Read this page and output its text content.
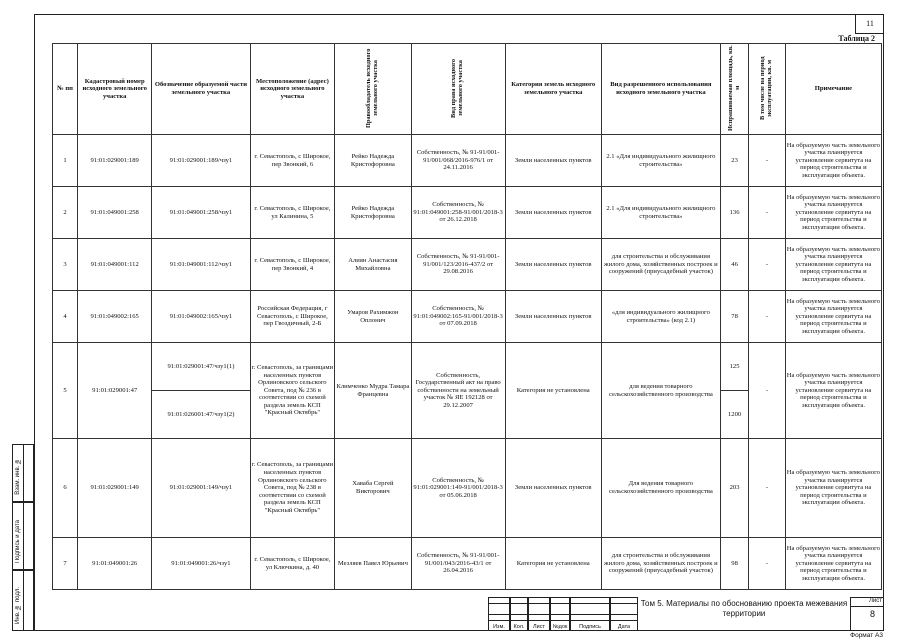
11
Таблица 2
№ пп	Кадастровый номер исходного земельного участка	Обозначение образуемой части земельного участка	Местоположение (адрес) исходного земельного участка	Правообладатель исходного земельного участка	Вид права исходного земельного участка	Категория земель исходного земельного участка	Вид разрешенного использования исходного земельного участка	Испрашиваемая площадь, кв. м	В том числе на период эксплуатации, кв. м	Примечание
1	91:01:029001:189	91:01:029001:189/чзу1	г. Севастополь, с Широкое, пер Звонкий, 6	Рейко Надежда Кристофоровна	Собственность, № 91-91/001-91/001/068/2016-976/1 от 24.11.2016	Земли населенных пунктов	2.1 «Для индивидуального жилищного строительства»	23	-	На образуемую часть земельного участка планируется установление сервитута на период строительства и эксплуатации объекта.
2	91:01:049001:258	91:01:049001:258/чзу1	г. Севастополь, с Широкое, ул Калинина, 5	Рейко Надежда Кристофоровна	Собственность, № 91:01:049001:258-91/001/2018-3 от 26.12.2018	Земли населенных пунктов	2.1 «Для индивидуального жилищного строительства»	136	-	На образуемую часть земельного участка планируется установление сервитута на период строительства и эксплуатации объекта.
3	91:01:049001:112	91:01:049001:112/чзу1	г. Севастополь, с Широкое, пер Звонкий, 4	Алиян Анастасия Михайловна	Собственность, № 91-91/001-91/001/123/2016-437/2 от 29.08.2016	Земли населенных пунктов	для строительства и обслуживания жилого дома, хозяйственных построек и сооружений (приусадебный участок)	46	-	На образуемую часть земельного участка планируется установление сервитута на период строительства и эксплуатации объекта.
4	91:01:049002:165	91:01:049002:165/чзу1	Российская Федерация, г Севастополь, с Широкое, пер Гвоздичный, 2-Б	Умаров Рахимжон Оплонич	Собственность, № 91:01:049002:165-91/001/2018-3 от 07.09.2018	Земли населенных пунктов	«для индивидуального жилищного строительства» (код 2.1)	78	-	На образуемую часть земельного участка планируется установление сервитута на период строительства и эксплуатации объекта.
5	91:01:029001:47	91:01:029001:47/чзу1(1)	г. Севастополь, за границами населенных пунктов Орлиновского сельского Совета, под № 236 в соответствии со схемой раздела земель КСП "Красный Октябрь"	Климченко Мудра Тамара Францевна	Собственность, Государственный акт на право собственности на земельный участок № ЯЕ 192128 от 29.12.2007	Категория не установлена	для ведения товарного сельскохозяйственного производства	125	-	На образуемую часть земельного участка планируется установление сервитута на период строительства и эксплуатации объекта.
		91:01:026001:47/чзу1(2)						1200		
6	91:01:029001:149	91:01:029001:149/чзу1	г. Севастополь, за границами населенных пунктов Орлиновского сельского Совета, под № 238 в соответствии со схемой раздела земель КСП "Красный Октябрь"	Хаваба Сергей Викторович	Собственность, № 91:01:029001:149-91/001/2018-3 от 05.06.2018	Земли населенных пунктов	Для ведения товарного сельскохозяйственного производства	203	-	На образуемую часть земельного участка планируется установление сервитута на период строительства и эксплуатации объекта.
7	91:01:049001:26	91:01:049001:26/чзу1	г. Севастополь, с Широкое, ул Ключкина, д. 40	Мезляев Павел Юрьевич	Собственность, № 91-91/001-91/001/043/2016-43/1 от 26.04.2016	Категория не установлена	для строительства и обслуживания жилого дома, хозяйственных построек и сооружений (приусадебный участок)	98	-	На образуемую часть земельного участка планируется установление сервитута на период строительства и эксплуатации объекта.
Взам. инв. №
Подпись и дата
Инв. № подл.
Изм.	Кол.	Лист	№док	Подпись	Дата
Том 5. Материалы по обоснованию проекта межевания территории
Лист
8
Формат А3
